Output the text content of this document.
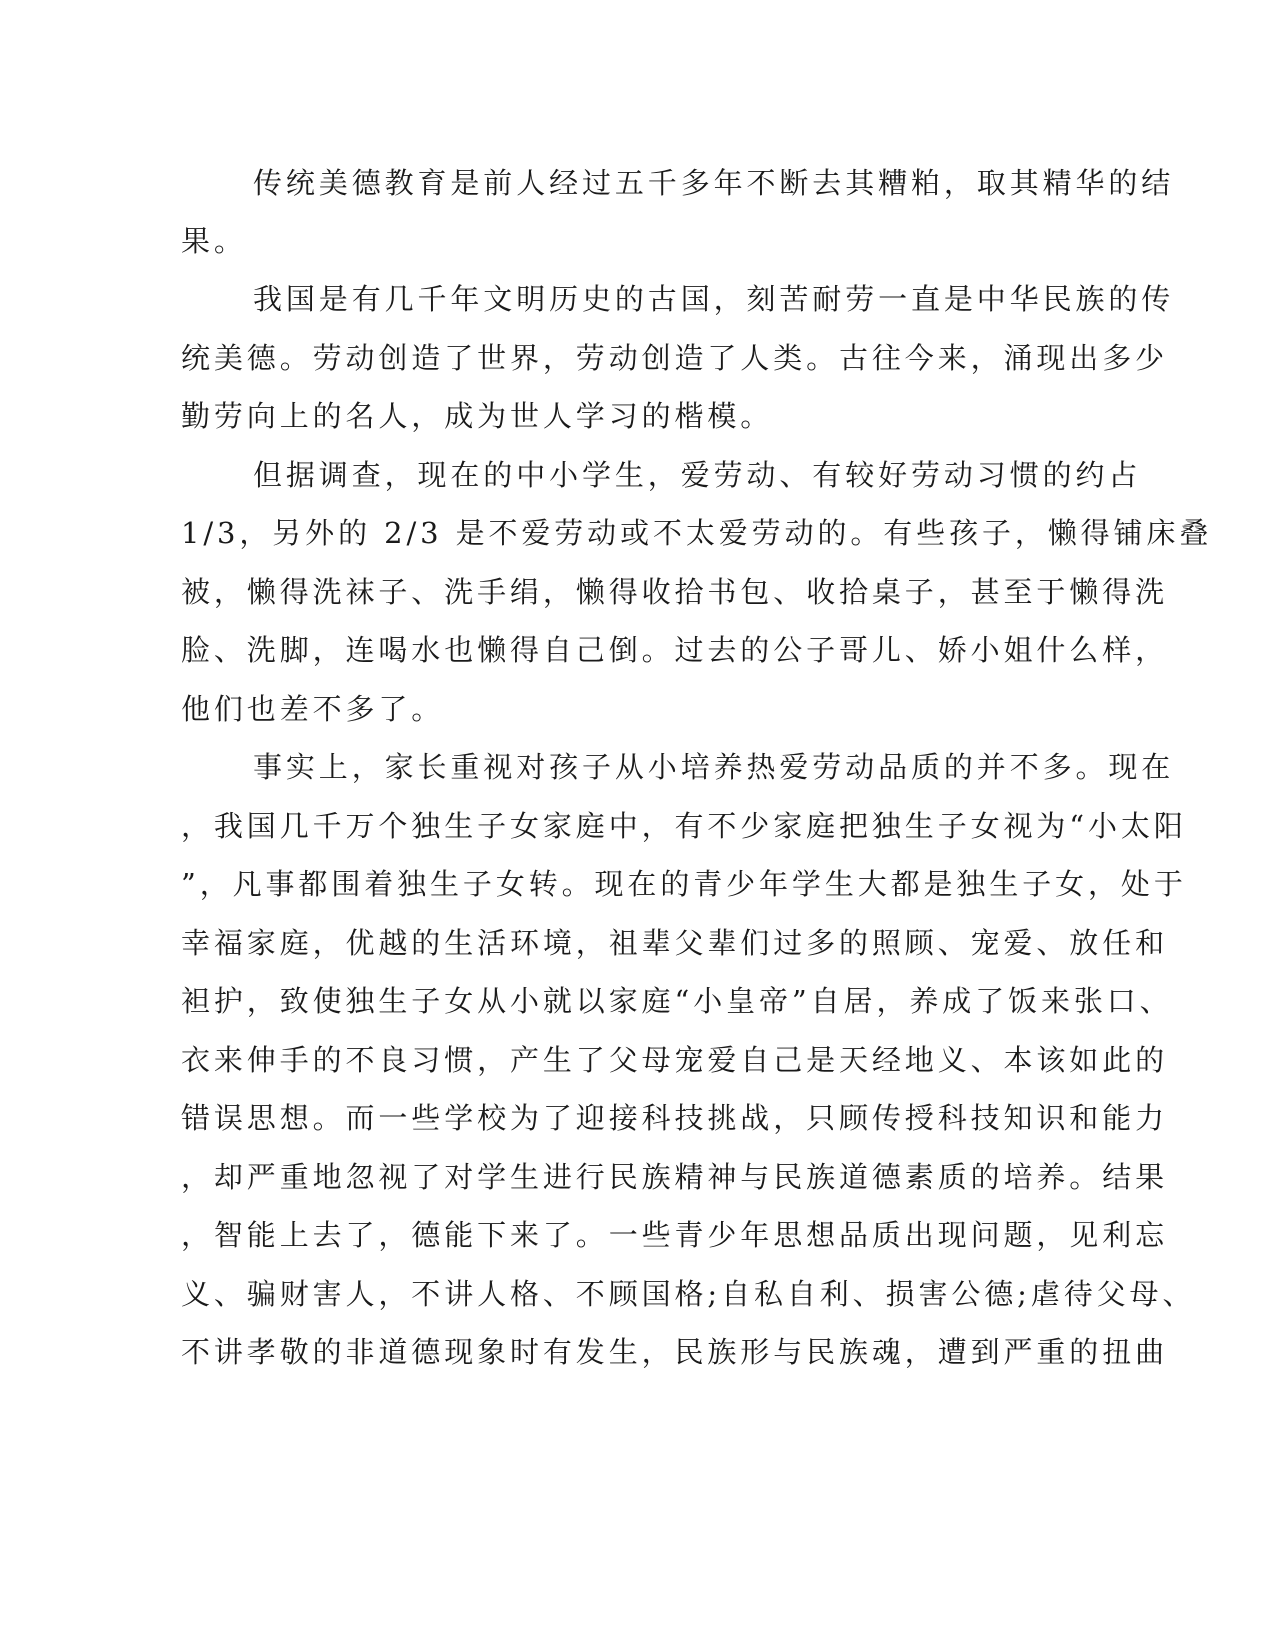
传统美德教育是前人经过五千多年不断去其糟粕，取其精华的结
果。
我国是有几千年文明历史的古国，刻苦耐劳一直是中华民族的传
统美德。劳动创造了世界，劳动创造了人类。古往今来，涌现出多少
勤劳向上的名人，成为世人学习的楷模。
但据调查，现在的中小学生，爱劳动、有较好劳动习惯的约占
1/3，另外的 2/3 是不爱劳动或不太爱劳动的。有些孩子，懒得铺床叠
被，懒得洗袜子、洗手绢，懒得收拾书包、收拾桌子，甚至于懒得洗
脸、洗脚，连喝水也懒得自己倒。过去的公子哥儿、娇小姐什么样，
他们也差不多了。
事实上，家长重视对孩子从小培养热爱劳动品质的并不多。现在
，我国几千万个独生子女家庭中，有不少家庭把独生子女视为“小太阳
”，凡事都围着独生子女转。现在的青少年学生大都是独生子女，处于
幸福家庭，优越的生活环境，祖辈父辈们过多的照顾、宠爱、放任和
袒护，致使独生子女从小就以家庭“小皇帝”自居，养成了饭来张口、
衣来伸手的不良习惯，产生了父母宠爱自己是天经地义、本该如此的
错误思想。而一些学校为了迎接科技挑战，只顾传授科技知识和能力
，却严重地忽视了对学生进行民族精神与民族道德素质的培养。结果
，智能上去了，德能下来了。一些青少年思想品质出现问题，见利忘
义、骗财害人，不讲人格、不顾国格;自私自利、损害公德;虐待父母、
不讲孝敬的非道德现象时有发生，民族形与民族魂，遭到严重的扭曲
